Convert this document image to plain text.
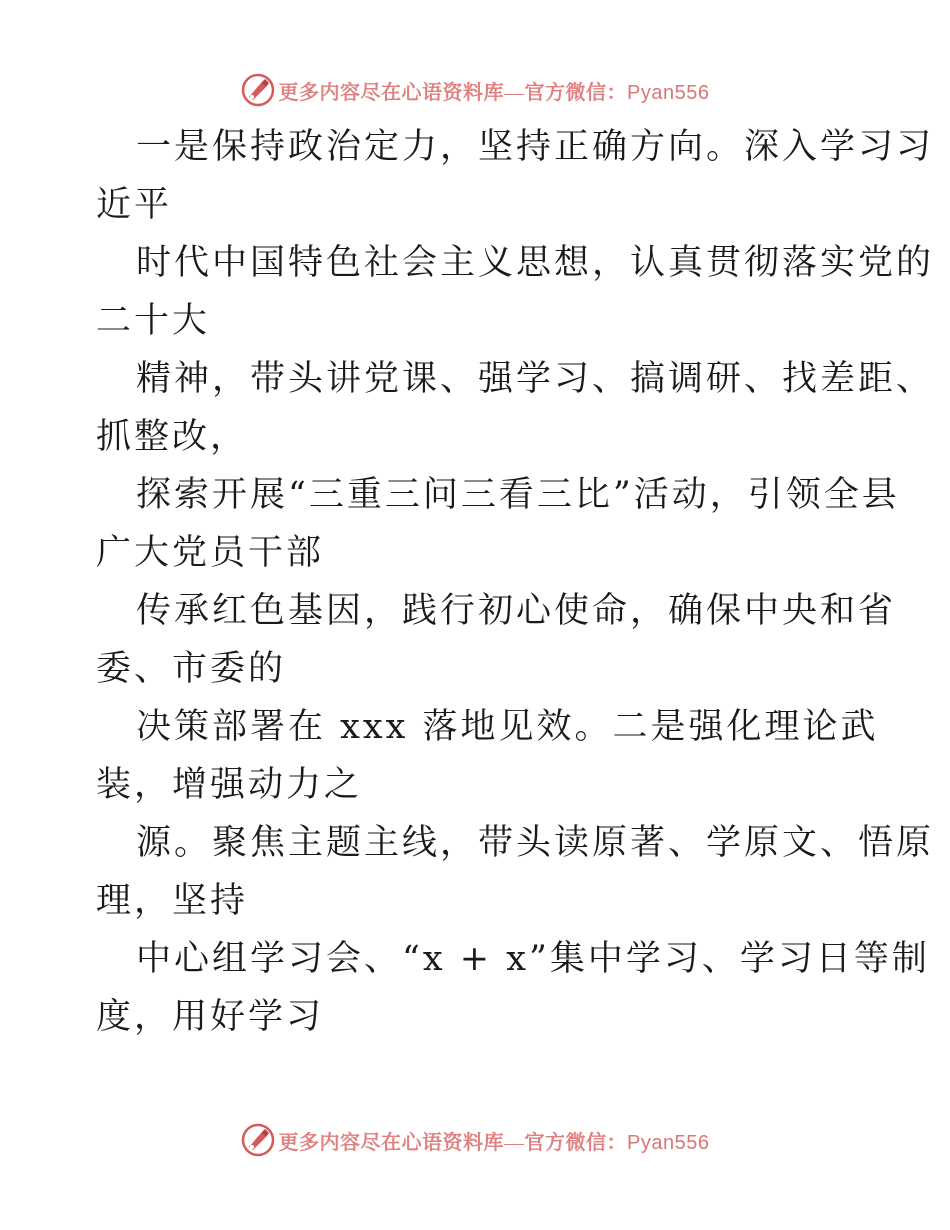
更多内容尽在心语资料库—官方微信：Pyan556
一是保持政治定力，坚持正确方向。深入学习习
近平
时代中国特色社会主义思想，认真贯彻落实党的
二十大
精神，带头讲党课、强学习、搞调研、找差距、
抓整改，
探索开展“三重三问三看三比”活动，引领全县
广大党员干部
传承红色基因，践行初心使命，确保中央和省
委、市委的
决策部署在 xxx 落地见效。二是强化理论武
装，增强动力之
源。聚焦主题主线，带头读原著、学原文、悟原
理，坚持
中心组学习会、“x + x”集中学习、学习日等制
度，用好学习
更多内容尽在心语资料库—官方微信：Pyan556
